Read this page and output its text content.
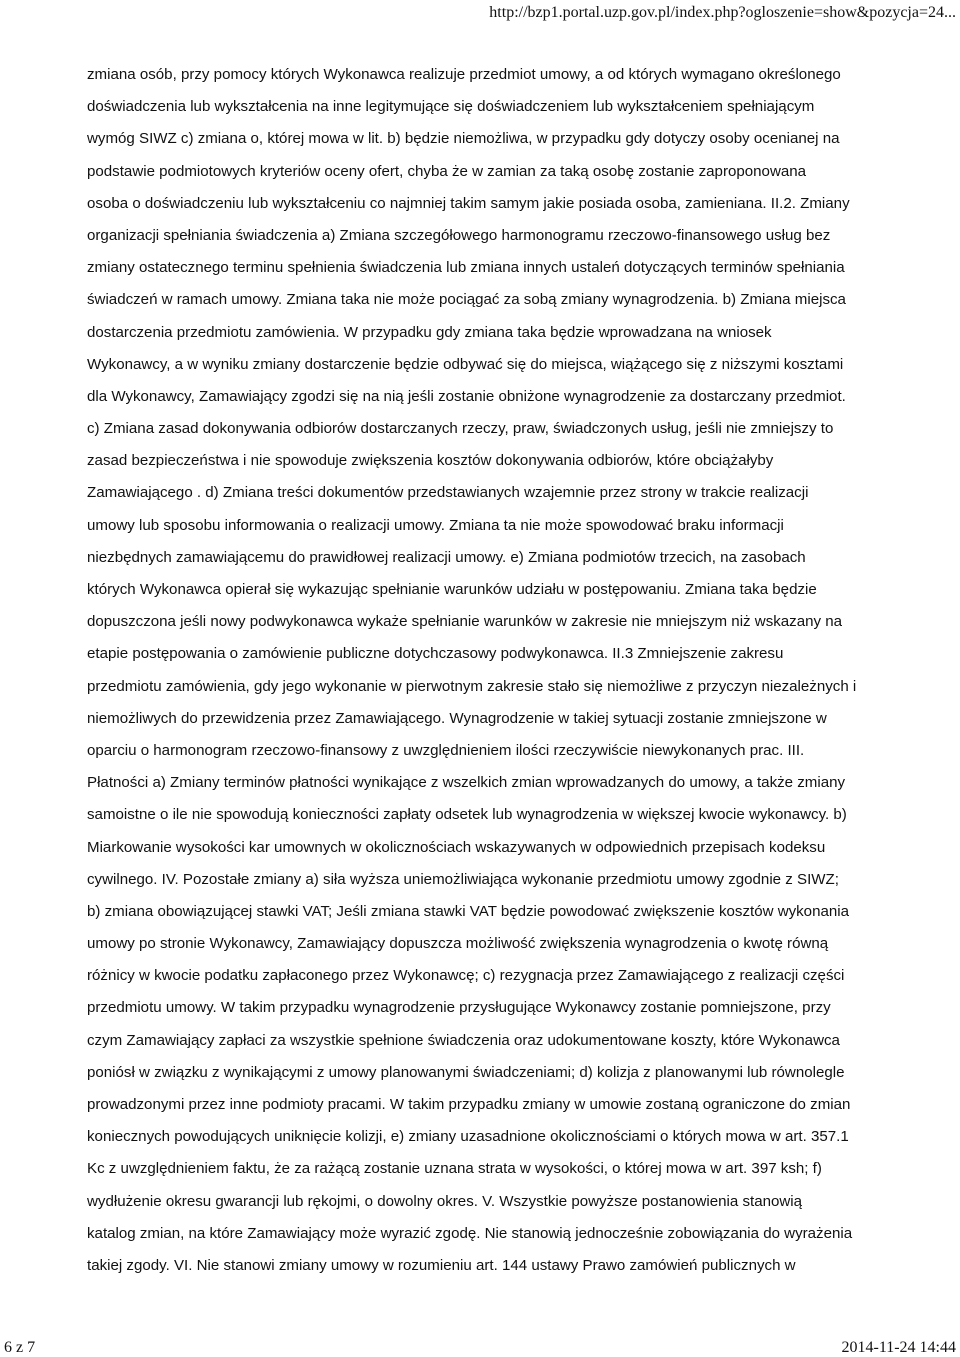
http://bzp1.portal.uzp.gov.pl/index.php?ogloszenie=show&pozycja=24...
zmiana osób, przy pomocy których Wykonawca realizuje przedmiot umowy, a od których wymagano określonego
doświadczenia lub wykształcenia na inne legitymujące się doświadczeniem lub wykształceniem spełniającym
wymóg SIWZ c) zmiana o, której mowa w lit. b) będzie niemożliwa, w przypadku gdy dotyczy osoby ocenianej na
podstawie podmiotowych kryteriów oceny ofert, chyba że w zamian za taką osobę zostanie zaproponowana
osoba o doświadczeniu lub wykształceniu co najmniej takim samym jakie posiada osoba, zamieniana. II.2. Zmiany
organizacji spełniania świadczenia a) Zmiana szczegółowego harmonogramu rzeczowo-finansowego usług bez
zmiany ostatecznego terminu spełnienia świadczenia lub zmiana innych ustaleń dotyczących terminów spełniania
świadczeń w ramach umowy. Zmiana taka nie może pociągać za sobą zmiany wynagrodzenia. b) Zmiana miejsca
dostarczenia przedmiotu zamówienia. W przypadku gdy zmiana taka będzie wprowadzana na wniosek
Wykonawcy, a w wyniku zmiany dostarczenie będzie odbywać się do miejsca, wiążącego się z niższymi kosztami
dla Wykonawcy, Zamawiający zgodzi się na nią jeśli zostanie obniżone wynagrodzenie za dostarczany przedmiot.
c) Zmiana zasad dokonywania odbiorów dostarczanych rzeczy, praw, świadczonych usług, jeśli nie zmniejszy to
zasad bezpieczeństwa i nie spowoduje zwiększenia kosztów dokonywania odbiorów, które obciążałyby
Zamawiającego . d) Zmiana treści dokumentów przedstawianych wzajemnie przez strony w trakcie realizacji
umowy lub sposobu informowania o realizacji umowy. Zmiana ta nie może spowodować braku informacji
niezbędnych zamawiającemu do prawidłowej realizacji umowy. e) Zmiana podmiotów trzecich, na zasobach
których Wykonawca opierał się wykazując spełnianie warunków udziału w postępowaniu. Zmiana taka będzie
dopuszczona jeśli nowy podwykonawca wykaże spełnianie warunków w zakresie nie mniejszym niż wskazany na
etapie postępowania o zamówienie publiczne dotychczasowy podwykonawca. II.3 Zmniejszenie zakresu
przedmiotu zamówienia, gdy jego wykonanie w pierwotnym zakresie stało się niemożliwe z przyczyn niezależnych i
niemożliwych do przewidzenia przez Zamawiającego. Wynagrodzenie w takiej sytuacji zostanie zmniejszone w
oparciu o harmonogram rzeczowo-finansowy z uwzględnieniem ilości rzeczywiście niewykonanych prac. III.
Płatności a) Zmiany terminów płatności wynikające z wszelkich zmian wprowadzanych do umowy, a także zmiany
samoistne o ile nie spowodują konieczności zapłaty odsetek lub wynagrodzenia w większej kwocie wykonawcy. b)
Miarkowanie wysokości kar umownych w okolicznościach wskazywanych w odpowiednich przepisach kodeksu
cywilnego. IV. Pozostałe zmiany a) siła wyższa uniemożliwiająca wykonanie przedmiotu umowy zgodnie z SIWZ;
b) zmiana obowiązującej stawki VAT; Jeśli zmiana stawki VAT będzie powodować zwiększenie kosztów wykonania
umowy po stronie Wykonawcy, Zamawiający dopuszcza możliwość zwiększenia wynagrodzenia o kwotę równą
różnicy w kwocie podatku zapłaconego przez Wykonawcę; c) rezygnacja przez Zamawiającego z realizacji części
przedmiotu umowy. W takim przypadku wynagrodzenie przysługujące Wykonawcy zostanie pomniejszone, przy
czym Zamawiający zapłaci za wszystkie spełnione świadczenia oraz udokumentowane koszty, które Wykonawca
poniósł w związku z wynikającymi z umowy planowanymi świadczeniami; d) kolizja z planowanymi lub równolegle
prowadzonymi przez inne podmioty pracami. W takim przypadku zmiany w umowie zostaną ograniczone do zmian
koniecznych powodujących uniknięcie kolizji, e) zmiany uzasadnione okolicznościami o których mowa w art. 357.1
Kc z uwzględnieniem faktu, że za rażącą zostanie uznana strata w wysokości, o której mowa w art. 397 ksh; f)
wydłużenie okresu gwarancji lub rękojmi, o dowolny okres. V. Wszystkie powyższe postanowienia stanowią
katalog zmian, na które Zamawiający może wyrazić zgodę. Nie stanowią jednocześnie zobowiązania do wyrażenia
takiej zgody. VI. Nie stanowi zmiany umowy w rozumieniu art. 144 ustawy Prawo zamówień publicznych w
6 z 7	2014-11-24 14:44
